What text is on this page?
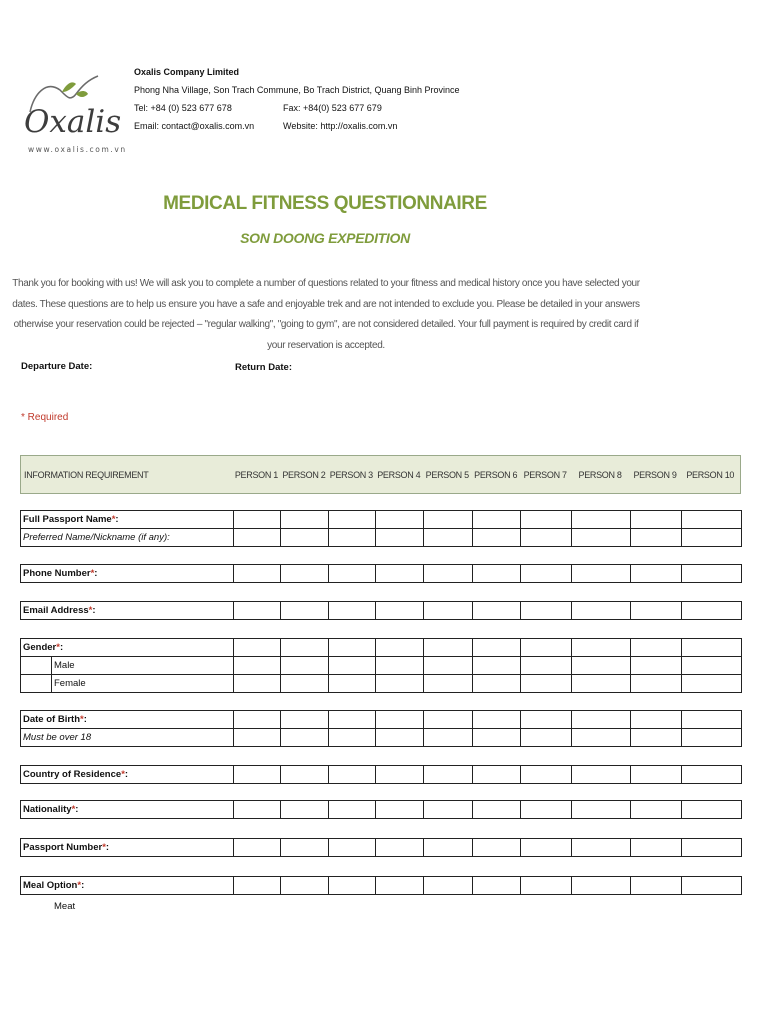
Oxalis
www.oxalis.com.vn
Oxalis Company Limited
Phong Nha Village, Son Trach Commune, Bo Trach District, Quang Binh Province
Tel: +84 (0) 523 677 678	Fax: +84(0) 523 677 679
Email: contact@oxalis.com.vn	Website: http://oxalis.com.vn
MEDICAL FITNESS QUESTIONNAIRE
SON DOONG EXPEDITION
Thank you for booking with us! We will ask you to complete a number of questions related to your fitness and medical history once you have selected your dates. These questions are to help us ensure you have a safe and enjoyable trek and are not intended to exclude you. Please be detailed in your answers otherwise your reservation could be rejected – "regular walking", "going to gym", are not considered detailed. Your full payment is required by credit card if your reservation is accepted.
Departure Date:	Return Date:
* Required
INFORMATION REQUIREMENT	PERSON 1	PERSON 2	PERSON 3	PERSON 4	PERSON 5	PERSON 6	PERSON 7	PERSON 8	PERSON 9	PERSON 10
Full Passport Name*:										
Preferred Name/Nickname (if any):										
Phone Number*:										
Email Address*:										
Gender*:										
Male										
Female										
Date of Birth*:										
Must be over 18										
Country of Residence*:										
Nationality*:										
Passport Number*:										
Meal Option*:										
Meat
